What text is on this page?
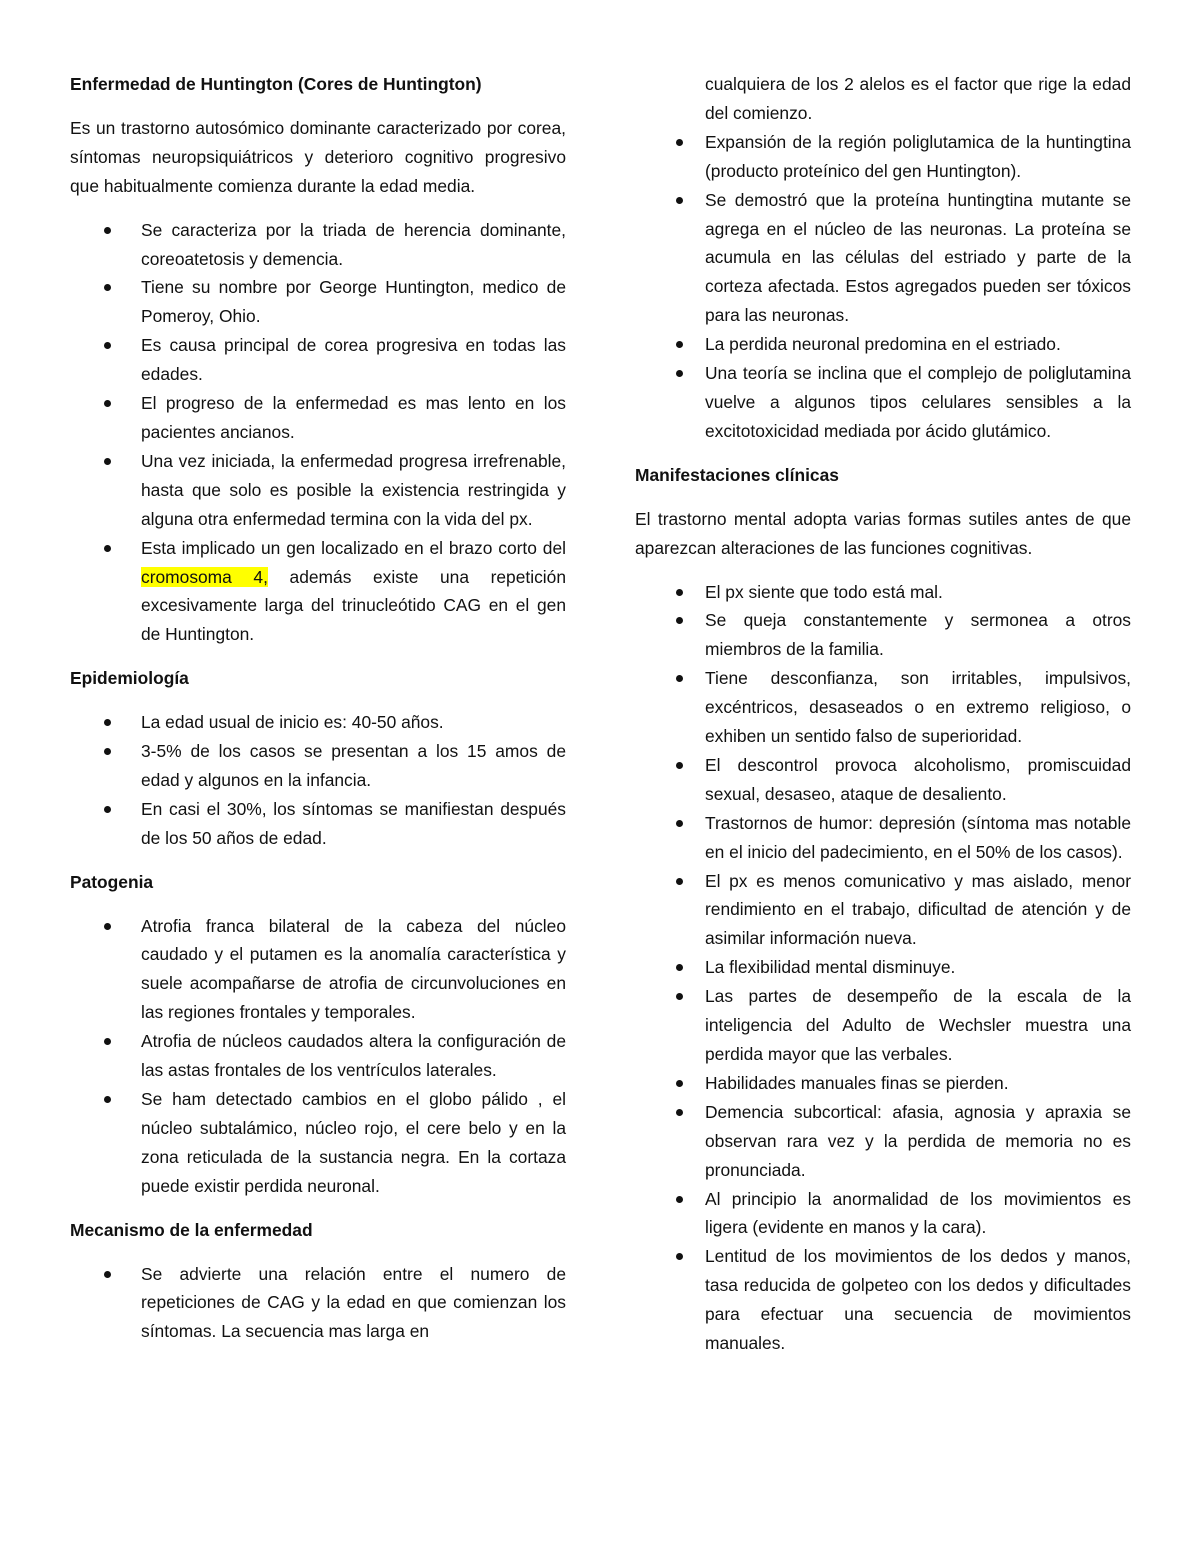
Enfermedad de Huntington (Cores de Huntington)

Es un trastorno autosómico dominante caracterizado por corea, síntomas neuropsiquiátricos y deterioro cognitivo progresivo que habitualmente comienza durante la edad media.

Se caracteriza por la triada de herencia dominante, coreoatetosis y demencia.
Tiene su nombre por George Huntington, medico de Pomeroy, Ohio.
Es causa principal de corea progresiva en todas las edades.
El progreso de la enfermedad es mas lento en los pacientes ancianos.
Una vez iniciada, la enfermedad progresa irrefrenable, hasta que solo es posible la existencia restringida y alguna otra enfermedad termina con la vida del px.
Esta implicado un gen localizado en el brazo corto del cromosoma 4, además existe una repetición excesivamente larga del trinucleótido CAG en el gen de Huntington.
Epidemiología
La edad usual de inicio es: 40-50 años.
3-5% de los casos se presentan a los 15 amos de edad y algunos en la infancia.
En casi el 30%, los síntomas se manifiestan después de los 50 años de edad.
Patogenia
Atrofia franca bilateral de la cabeza del núcleo caudado y el putamen es la anomalía característica y suele acompañarse de atrofia de circunvoluciones en las regiones frontales y temporales.
Atrofia de núcleos caudados altera la configuración de las astas frontales de los ventrículos laterales.
Se ham detectado cambios en el globo pálido , el núcleo subtalámico, núcleo rojo, el cere belo y en la zona reticulada de la sustancia negra. En la cortaza puede existir perdida neuronal.
Mecanismo de la enfermedad
Se advierte una relación entre el numero de repeticiones de CAG y la edad en que comienzan los síntomas. La secuencia mas larga en
cualquiera de los 2 alelos es el factor que rige la edad del comienzo.
Expansión de la región poliglutamica de la huntingtina (producto proteínico del gen Huntington).
Se demostró que la proteína huntingtina mutante se agrega en el núcleo de las neuronas. La proteína se acumula en las células del estriado y parte de la corteza afectada. Estos agregados pueden ser tóxicos para las neuronas.
La perdida neuronal predomina en el estriado.
Una teoría se inclina que el complejo de poliglutamina vuelve a algunos tipos celulares sensibles a la excitotoxicidad mediada por ácido glutámico.
Manifestaciones clínicas

El trastorno mental adopta varias formas sutiles antes de que aparezcan alteraciones de las funciones cognitivas.

El px siente que todo está mal.
Se queja constantemente y sermonea a otros miembros de la familia.
Tiene desconfianza, son irritables, impulsivos, excéntricos, desaseados o en extremo religioso, o exhiben un sentido falso de superioridad.
El descontrol provoca alcoholismo, promiscuidad sexual, desaseo, ataque de desaliento.
Trastornos de humor: depresión (síntoma mas notable en el inicio del padecimiento, en el 50% de los casos).
El px es menos comunicativo y mas aislado, menor rendimiento en el trabajo, dificultad de atención y de asimilar información nueva.
La flexibilidad mental disminuye.
Las partes de desempeño de la escala de la inteligencia del Adulto de Wechsler muestra una perdida mayor que las verbales.
Habilidades manuales finas se pierden.
Demencia subcortical: afasia, agnosia y apraxia se observan rara vez y la perdida de memoria no es pronunciada.
Al principio la anormalidad de los movimientos es ligera (evidente en manos y la cara).
Lentitud de los movimientos de los dedos y manos, tasa reducida de golpeteo con los dedos y dificultades para efectuar una secuencia de movimientos manuales.
